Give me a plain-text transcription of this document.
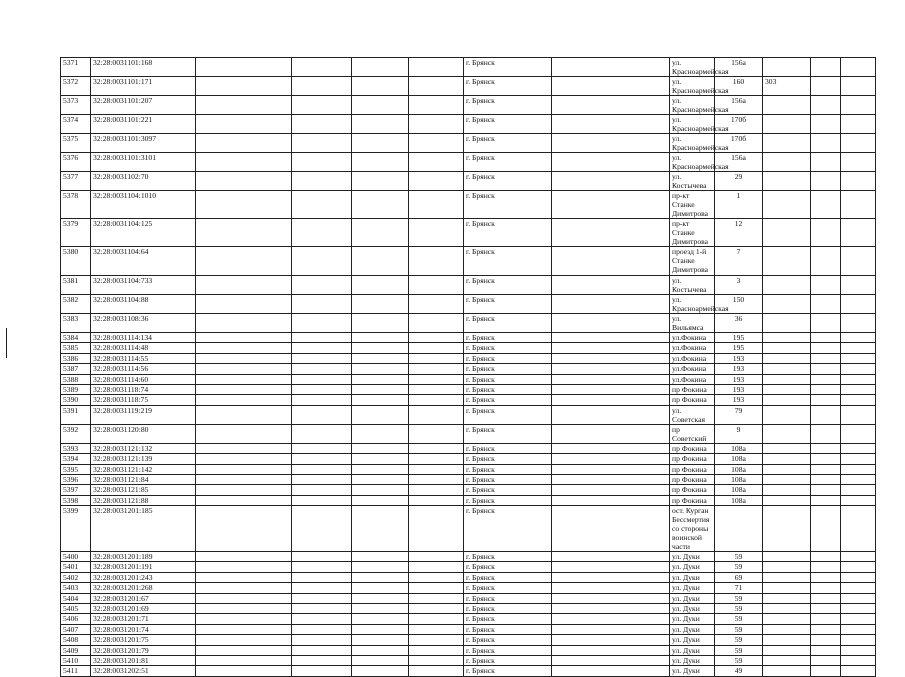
5371	32:28:0031101:168					г. Брянск		ул. Красноармейская	156а			
5372	32:28:0031101:171					г. Брянск		ул. Красноармейская	160	303		
5373	32:28:0031101:207					г. Брянск		ул. Красноармейская	156а			
5374	32:28:0031101:221					г. Брянск		ул. Красноармейская	170б			
5375	32:28:0031101:3097					г. Брянск		ул. Красноармейская	170б			
5376	32:28:0031101:3101					г. Брянск		ул. Красноармейская	156а			
5377	32:28:0031102:70					г. Брянск		ул. Костычева	29			
5378	32:28:0031104:1010					г. Брянск		пр-кт Станке Димитрова	1			
5379	32:28:0031104:125					г. Брянск		пр-кт Станке Димитрова	12			
5380	32:28:0031104:64					г. Брянск		проезд 1-й Станке Димитрова	7			
5381	32:28:0031104:733					г. Брянск		ул. Костычева	3			
5382	32:28:0031104:88					г. Брянск		ул. Красноармейская	150			
5383	32:28:0031108:36					г. Брянск		ул. Вильямса	36			
5384	32:28:0031114:134					г. Брянск		ул.Фокина	195			
5385	32:28:0031114:48					г. Брянск		ул.Фокина	195			
5386	32:28:0031114:55					г. Брянск		ул.Фокина	193			
5387	32:28:0031114:56					г. Брянск		ул.Фокина	193			
5388	32:28:0031114:60					г. Брянск		ул.Фокина	193			
5389	32:28:0031118:74					г. Брянск		пр Фокина	193			
5390	32:28:0031118:75					г. Брянск		пр Фокина	193			
5391	32:28:0031119:219					г. Брянск		ул. Советская	79			
5392	32:28:0031120:80					г. Брянск		пр Советский	9			
5393	32:28:0031121:132					г. Брянск		пр Фокина	108а			
5394	32:28:0031121:139					г. Брянск		пр Фокина	108а			
5395	32:28:0031121:142					г. Брянск		пр Фокина	108а			
5396	32:28:0031121:84					г. Брянск		пр Фокина	108а			
5397	32:28:0031121:85					г. Брянск		пр Фокина	108а			
5398	32:28:0031121:88					г. Брянск		пр Фокина	108а			
5399	32:28:0031201:185					г. Брянск		ост. Курган Бессмертия со стороны воинской части				
5400	32:28:0031201:189					г. Брянск		ул. Дуки	59			
5401	32:28:0031201:191					г. Брянск		ул. Дуки	59			
5402	32:28:0031201:243					г. Брянск		ул. Дуки	69			
5403	32:28:0031201:268					г. Брянск		ул. Дуки	71			
5404	32:28:0031201:67					г. Брянск		ул. Дуки	59			
5405	32:28:0031201:69					г. Брянск		ул. Дуки	59			
5406	32:28:0031201:71					г. Брянск		ул. Дуки	59			
5407	32:28:0031201:74					г. Брянск		ул. Дуки	59			
5408	32:28:0031201:75					г. Брянск		ул. Дуки	59			
5409	32:28:0031201:79					г. Брянск		ул. Дуки	59			
5410	32:28:0031201:81					г. Брянск		ул. Дуки	59			
5411	32:28:0031202:51					г. Брянск		ул. Дуки	49			
